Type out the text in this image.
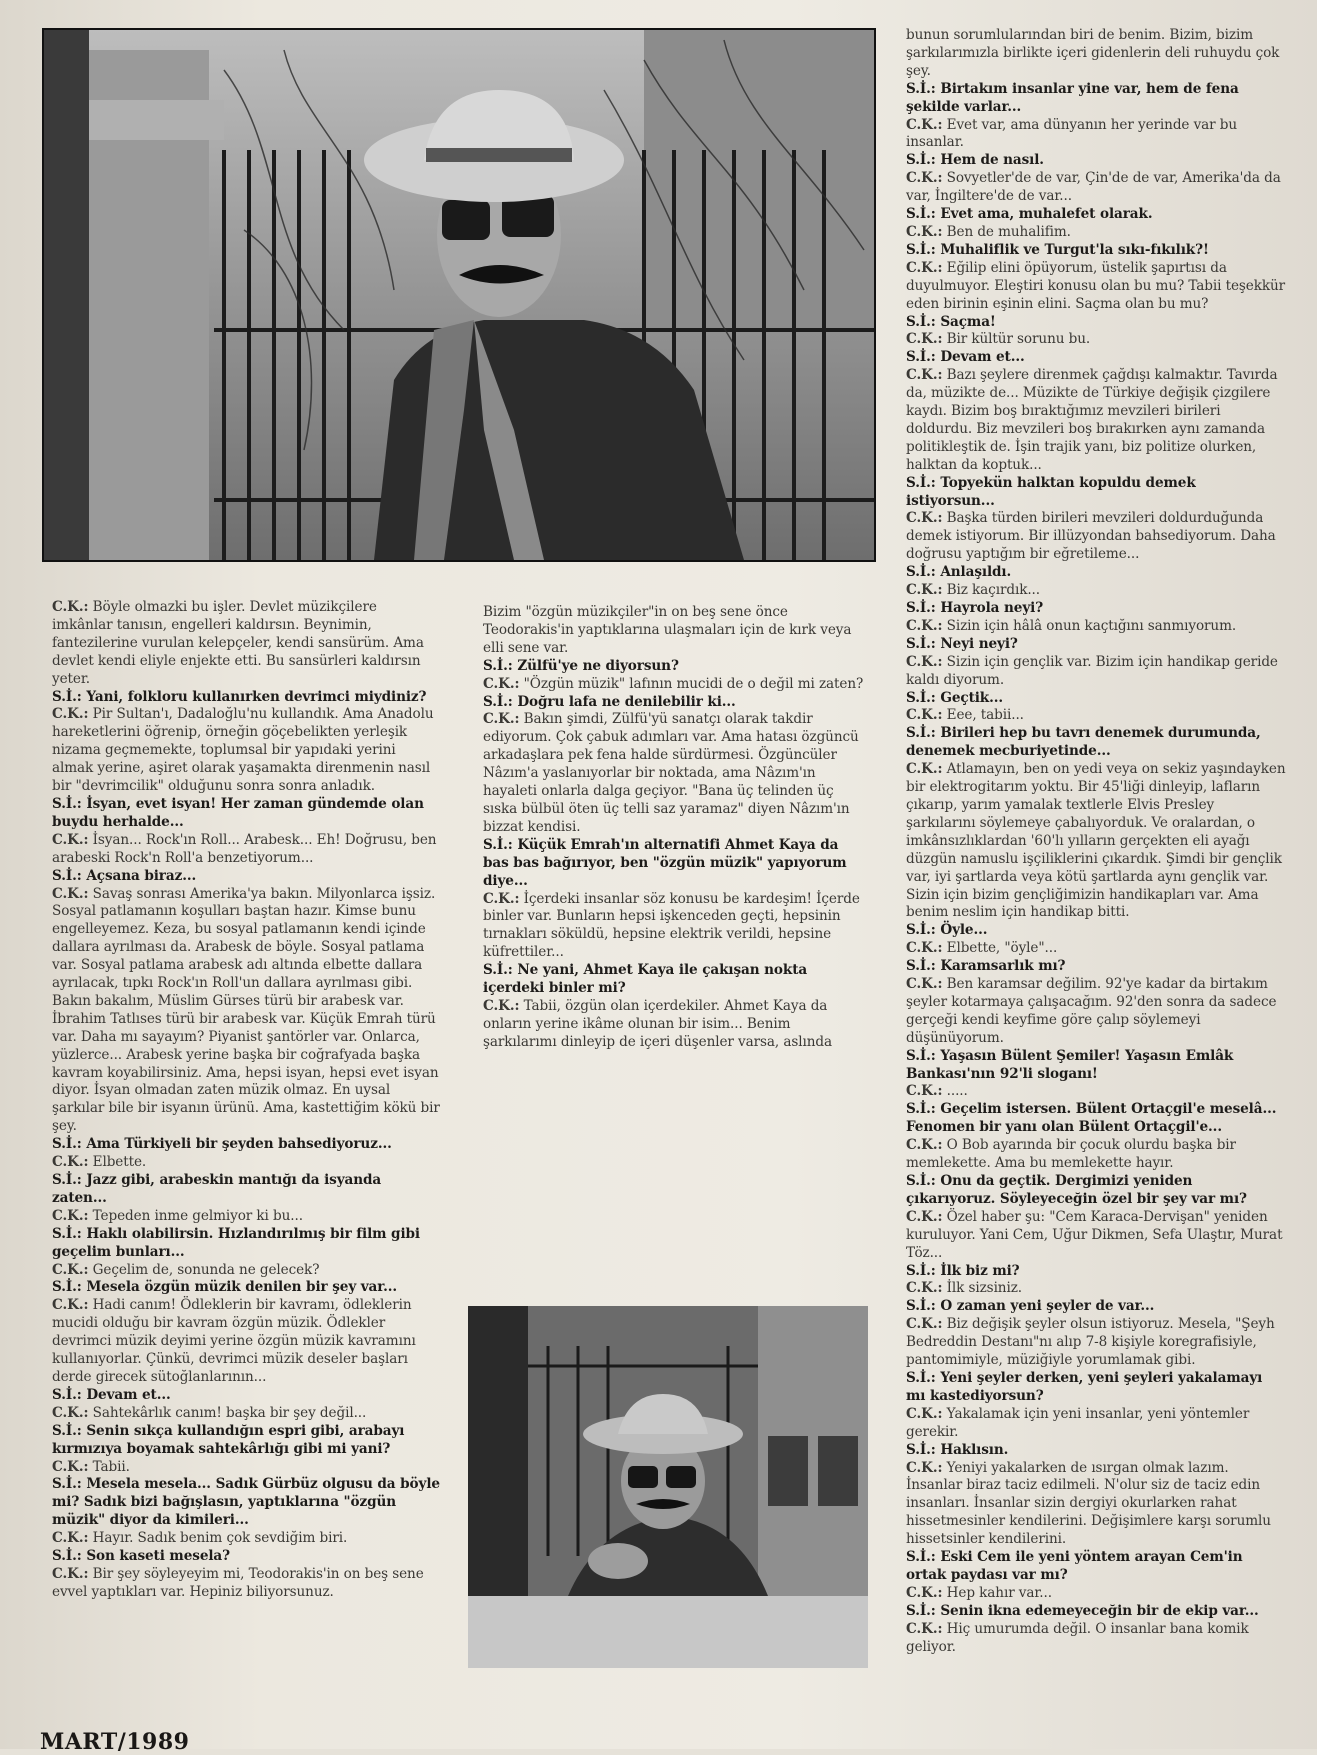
C.K.: Böyle olmazki bu işler. Devlet müzikçilere imkânlar tanısın, engelleri kaldırsın. Beynimin, fantezilerine vurulan kelepçeler, kendi sansürüm. Ama devlet kendi eliyle enjekte etti. Bu sansürleri kaldırsın yeter.

S.İ.: Yani, folkloru kullanırken devrimci miydiniz?

C.K.: Pir Sultan'ı, Dadaloğlu'nu kullandık. Ama Anadolu hareketlerini öğrenip, örneğin göçebelikten yerleşik nizama geçmemekte, toplumsal bir yapıdaki yerini almak yerine, aşiret olarak yaşamakta direnmenin nasıl bir "devrimcilik" olduğunu sonra sonra anladık.

S.İ.: İsyan, evet isyan! Her zaman gündemde olan buydu herhalde...

C.K.: İsyan... Rock'ın Roll... Arabesk... Eh! Doğrusu, ben arabeski Rock'n Roll'a benzetiyorum...

S.İ.: Açsana biraz...

C.K.: Savaş sonrası Amerika'ya bakın. Milyonlarca işsiz. Sosyal patlamanın koşulları baştan hazır. Kimse bunu engelleyemez. Keza, bu sosyal patlamanın kendi içinde dallara ayrılması da. Arabesk de böyle. Sosyal patlama var. Sosyal patlama arabesk adı altında elbette dallara ayrılacak, tıpkı Rock'ın Roll'un dallara ayrılması gibi. Bakın bakalım, Müslim Gürses türü bir arabesk var. İbrahim Tatlıses türü bir arabesk var. Küçük Emrah türü var. Daha mı sayayım? Piyanist şantörler var. Onlarca, yüzlerce... Arabesk yerine başka bir coğrafyada başka kavram koyabilirsiniz. Ama, hepsi isyan, hepsi evet isyan diyor. İsyan olmadan zaten müzik olmaz. En uysal şarkılar bile bir isyanın ürünü. Ama, kastettiğim kökü bir şey.

S.İ.: Ama Türkiyeli bir şeyden bahsediyoruz...

C.K.: Elbette.

S.İ.: Jazz gibi, arabeskin mantığı da isyanda zaten...

C.K.: Tepeden inme gelmiyor ki bu...

S.İ.: Haklı olabilirsin. Hızlandırılmış bir film gibi geçelim bunları...

C.K.: Geçelim de, sonunda ne gelecek?

S.İ.: Mesela özgün müzik denilen bir şey var...

C.K.: Hadi canım! Ödleklerin bir kavramı, ödleklerin mucidi olduğu bir kavram özgün müzik. Ödlekler devrimci müzik deyimi yerine özgün müzik kavramını kullanıyorlar. Çünkü, devrimci müzik deseler başları derde girecek sütoğlanlarının...

S.İ.: Devam et...

C.K.: Sahtekârlık canım! başka bir şey değil...

S.İ.: Senin sıkça kullandığın espri gibi, arabayı kırmızıya boyamak sahtekârlığı gibi mi yani?

C.K.: Tabii.

S.İ.: Mesela mesela... Sadık Gürbüz olgusu da böyle mi? Sadık bizi bağışlasın, yaptıklarına "özgün müzik" diyor da kimileri...

C.K.: Hayır. Sadık benim çok sevdiğim biri.

S.İ.: Son kaseti mesela?

C.K.: Bir şey söyleyeyim mi, Teodorakis'in on beş sene evvel yaptıkları var. Hepiniz biliyorsunuz.

Bizim "özgün müzikçiler"in on beş sene önce Teodorakis'in yaptıklarına ulaşmaları için de kırk veya elli sene var.

S.İ.: Zülfü'ye ne diyorsun?

C.K.: "Özgün müzik" lafının mucidi de o değil mi zaten?

S.İ.: Doğru lafa ne denilebilir ki...

C.K.: Bakın şimdi, Zülfü'yü sanatçı olarak takdir ediyorum. Çok çabuk adımları var. Ama hatası özgüncü arkadaşlara pek fena halde sürdürmesi. Özgüncüler Nâzım'a yaslanıyorlar bir noktada, ama Nâzım'ın hayaleti onlarla dalga geçiyor. "Bana üç telinden üç sıska bülbül öten üç telli saz yaramaz" diyen Nâzım'ın bizzat kendisi.

S.İ.: Küçük Emrah'ın alternatifi Ahmet Kaya da bas bas bağırıyor, ben "özgün müzik" yapıyorum diye...

C.K.: İçerdeki insanlar söz konusu be kardeşim! İçerde binler var. Bunların hepsi işkenceden geçti, hepsinin tırnakları söküldü, hepsine elektrik verildi, hepsine küfrettiler...

S.İ.: Ne yani, Ahmet Kaya ile çakışan nokta içerdeki binler mi?

C.K.: Tabii, özgün olan içerdekiler. Ahmet Kaya da onların yerine ikâme olunan bir isim... Benim şarkılarımı dinleyip de içeri düşenler varsa, aslında

bunun sorumlularından biri de benim. Bizim, bizim şarkılarımızla birlikte içeri gidenlerin deli ruhuydu çok şey.

S.İ.: Birtakım insanlar yine var, hem de fena şekilde varlar...

C.K.: Evet var, ama dünyanın her yerinde var bu insanlar.

S.İ.: Hem de nasıl.

C.K.: Sovyetler'de de var, Çin'de de var, Amerika'da da var, İngiltere'de de var...

S.İ.: Evet ama, muhalefet olarak.

C.K.: Ben de muhalifim.

S.İ.: Muhaliflik ve Turgut'la sıkı-fıkılık?!

C.K.: Eğilip elini öpüyorum, üstelik şapırtısı da duyulmuyor. Eleştiri konusu olan bu mu? Tabii teşekkür eden birinin eşinin elini. Saçma olan bu mu?

S.İ.: Saçma!

C.K.: Bir kültür sorunu bu.

S.İ.: Devam et...

C.K.: Bazı şeylere direnmek çağdışı kalmaktır. Tavırda da, müzikte de... Müzikte de Türkiye değişik çizgilere kaydı. Bizim boş bıraktığımız mevzileri birileri doldurdu. Biz mevzileri boş bırakırken aynı zamanda politikleştik de. İşin trajik yanı, biz politize olurken, halktan da koptuk...

S.İ.: Topyekün halktan kopuldu demek istiyorsun...

C.K.: Başka türden birileri mevzileri doldurduğunda demek istiyorum. Bir illüzyondan bahsediyorum. Daha doğrusu yaptığım bir eğretileme...

S.İ.: Anlaşıldı.

C.K.: Biz kaçırdık...

S.İ.: Hayrola neyi?

C.K.: Sizin için hâlâ onun kaçtığını sanmıyorum.

S.İ.: Neyi neyi?

C.K.: Sizin için gençlik var. Bizim için handikap geride kaldı diyorum.

S.İ.: Geçtik...

C.K.: Eee, tabii...

S.İ.: Birileri hep bu tavrı denemek durumunda, denemek mecburiyetinde...

C.K.: Atlamayın, ben on yedi veya on sekiz yaşındayken bir elektrogitarım yoktu. Bir 45'liği dinleyip, lafların çıkarıp, yarım yamalak textlerle Elvis Presley şarkılarını söylemeye çabalıyorduk. Ve oralardan, o imkânsızlıklardan '60'lı yılların gerçekten eli ayağı düzgün namuslu işçiliklerini çıkardık. Şimdi bir gençlik var, iyi şartlarda veya kötü şartlarda aynı gençlik var. Sizin için bizim gençliğimizin handikapları var. Ama benim neslim için handikap bitti.

S.İ.: Öyle...

C.K.: Elbette, "öyle"...

S.İ.: Karamsarlık mı?

C.K.: Ben karamsar değilim. 92'ye kadar da birtakım şeyler kotarmaya çalışacağım. 92'den sonra da sadece gerçeği kendi keyfime göre çalıp söylemeyi düşünüyorum.

S.İ.: Yaşasın Bülent Şemiler! Yaşasın Emlâk Bankası'nın 92'li sloganı!

C.K.: .....

S.İ.: Geçelim istersen. Bülent Ortaçgil'e meselâ... Fenomen bir yanı olan Bülent Ortaçgil'e...

C.K.: O Bob ayarında bir çocuk olurdu başka bir memlekette. Ama bu memlekette hayır.

S.İ.: Onu da geçtik. Dergimizi yeniden çıkarıyoruz. Söyleyeceğin özel bir şey var mı?

C.K.: Özel haber şu: "Cem Karaca-Dervişan" yeniden kuruluyor. Yani Cem, Uğur Dikmen, Sefa Ulaştır, Murat Töz...

S.İ.: İlk biz mi?

C.K.: İlk sizsiniz.

S.İ.: O zaman yeni şeyler de var...

C.K.: Biz değişik şeyler olsun istiyoruz. Mesela, "Şeyh Bedreddin Destanı"nı alıp 7-8 kişiyle koregrafisiyle, pantomimiyle, müziğiyle yorumlamak gibi.

S.İ.: Yeni şeyler derken, yeni şeyleri yakalamayı mı kastediyorsun?

C.K.: Yakalamak için yeni insanlar, yeni yöntemler gerekir.

S.İ.: Haklısın.

C.K.: Yeniyi yakalarken de ısırgan olmak lazım. İnsanlar biraz taciz edilmeli. N'olur siz de taciz edin insanları. İnsanlar sizin dergiyi okurlarken rahat hissetmesinler kendilerini. Değişimlere karşı sorumlu hissetsinler kendilerini.

S.İ.: Eski Cem ile yeni yöntem arayan Cem'in ortak paydası var mı?

C.K.: Hep kahır var...

S.İ.: Senin ikna edemeyeceğin bir de ekip var...

C.K.: Hiç umurumda değil. O insanlar bana komik geliyor.

MART/1989
